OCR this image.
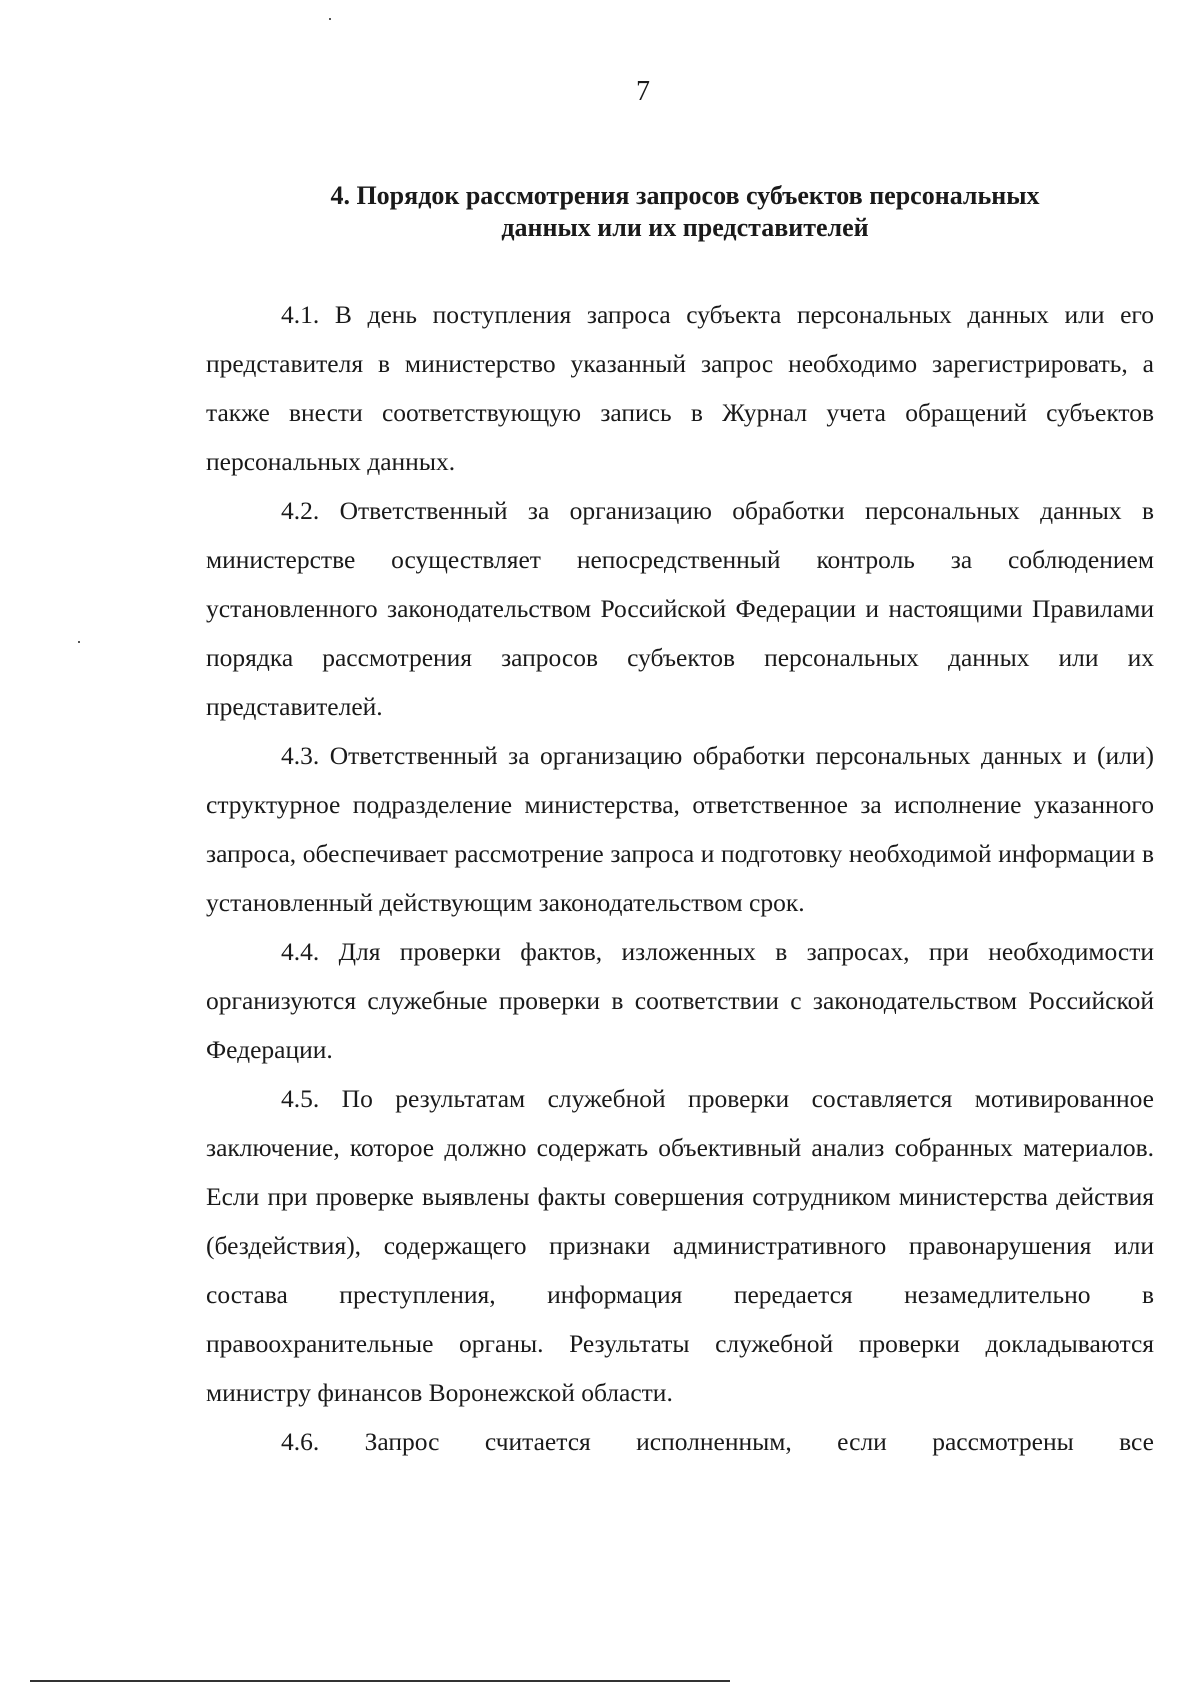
7
4. Порядок рассмотрения запросов субъектов персональных
данных или их представителей

4.1. В день поступления запроса субъекта персональных данных или его представителя в министерство указанный запрос необходимо зарегистрировать, а также внести соответствующую запись в Журнал учета обращений субъектов персональных данных.

4.2. Ответственный за организацию обработки персональных данных в министерстве осуществляет непосредственный контроль за соблюдением установленного законодательством Российской Федерации и настоящими Правилами порядка рассмотрения запросов субъектов персональных данных или их представителей.

4.3. Ответственный за организацию обработки персональных данных и (или) структурное подразделение министерства, ответственное за исполнение указанного запроса, обеспечивает рассмотрение запроса и подготовку необходимой информации в установленный действующим законодательством срок.

4.4. Для проверки фактов, изложенных в запросах, при необходимости организуются служебные проверки в соответствии с законодательством Российской Федерации.

4.5. По результатам служебной проверки составляется мотивированное заключение, которое должно содержать объективный анализ собранных материалов. Если при проверке выявлены факты совершения сотрудником министерства действия (бездействия), содержащего признаки административного правонарушения или состава преступления, информация передается незамедлительно в правоохранительные органы. Результаты служебной проверки докладываются министру финансов Воронежской области.

4.6. Запрос считается исполненным, если рассмотрены все
